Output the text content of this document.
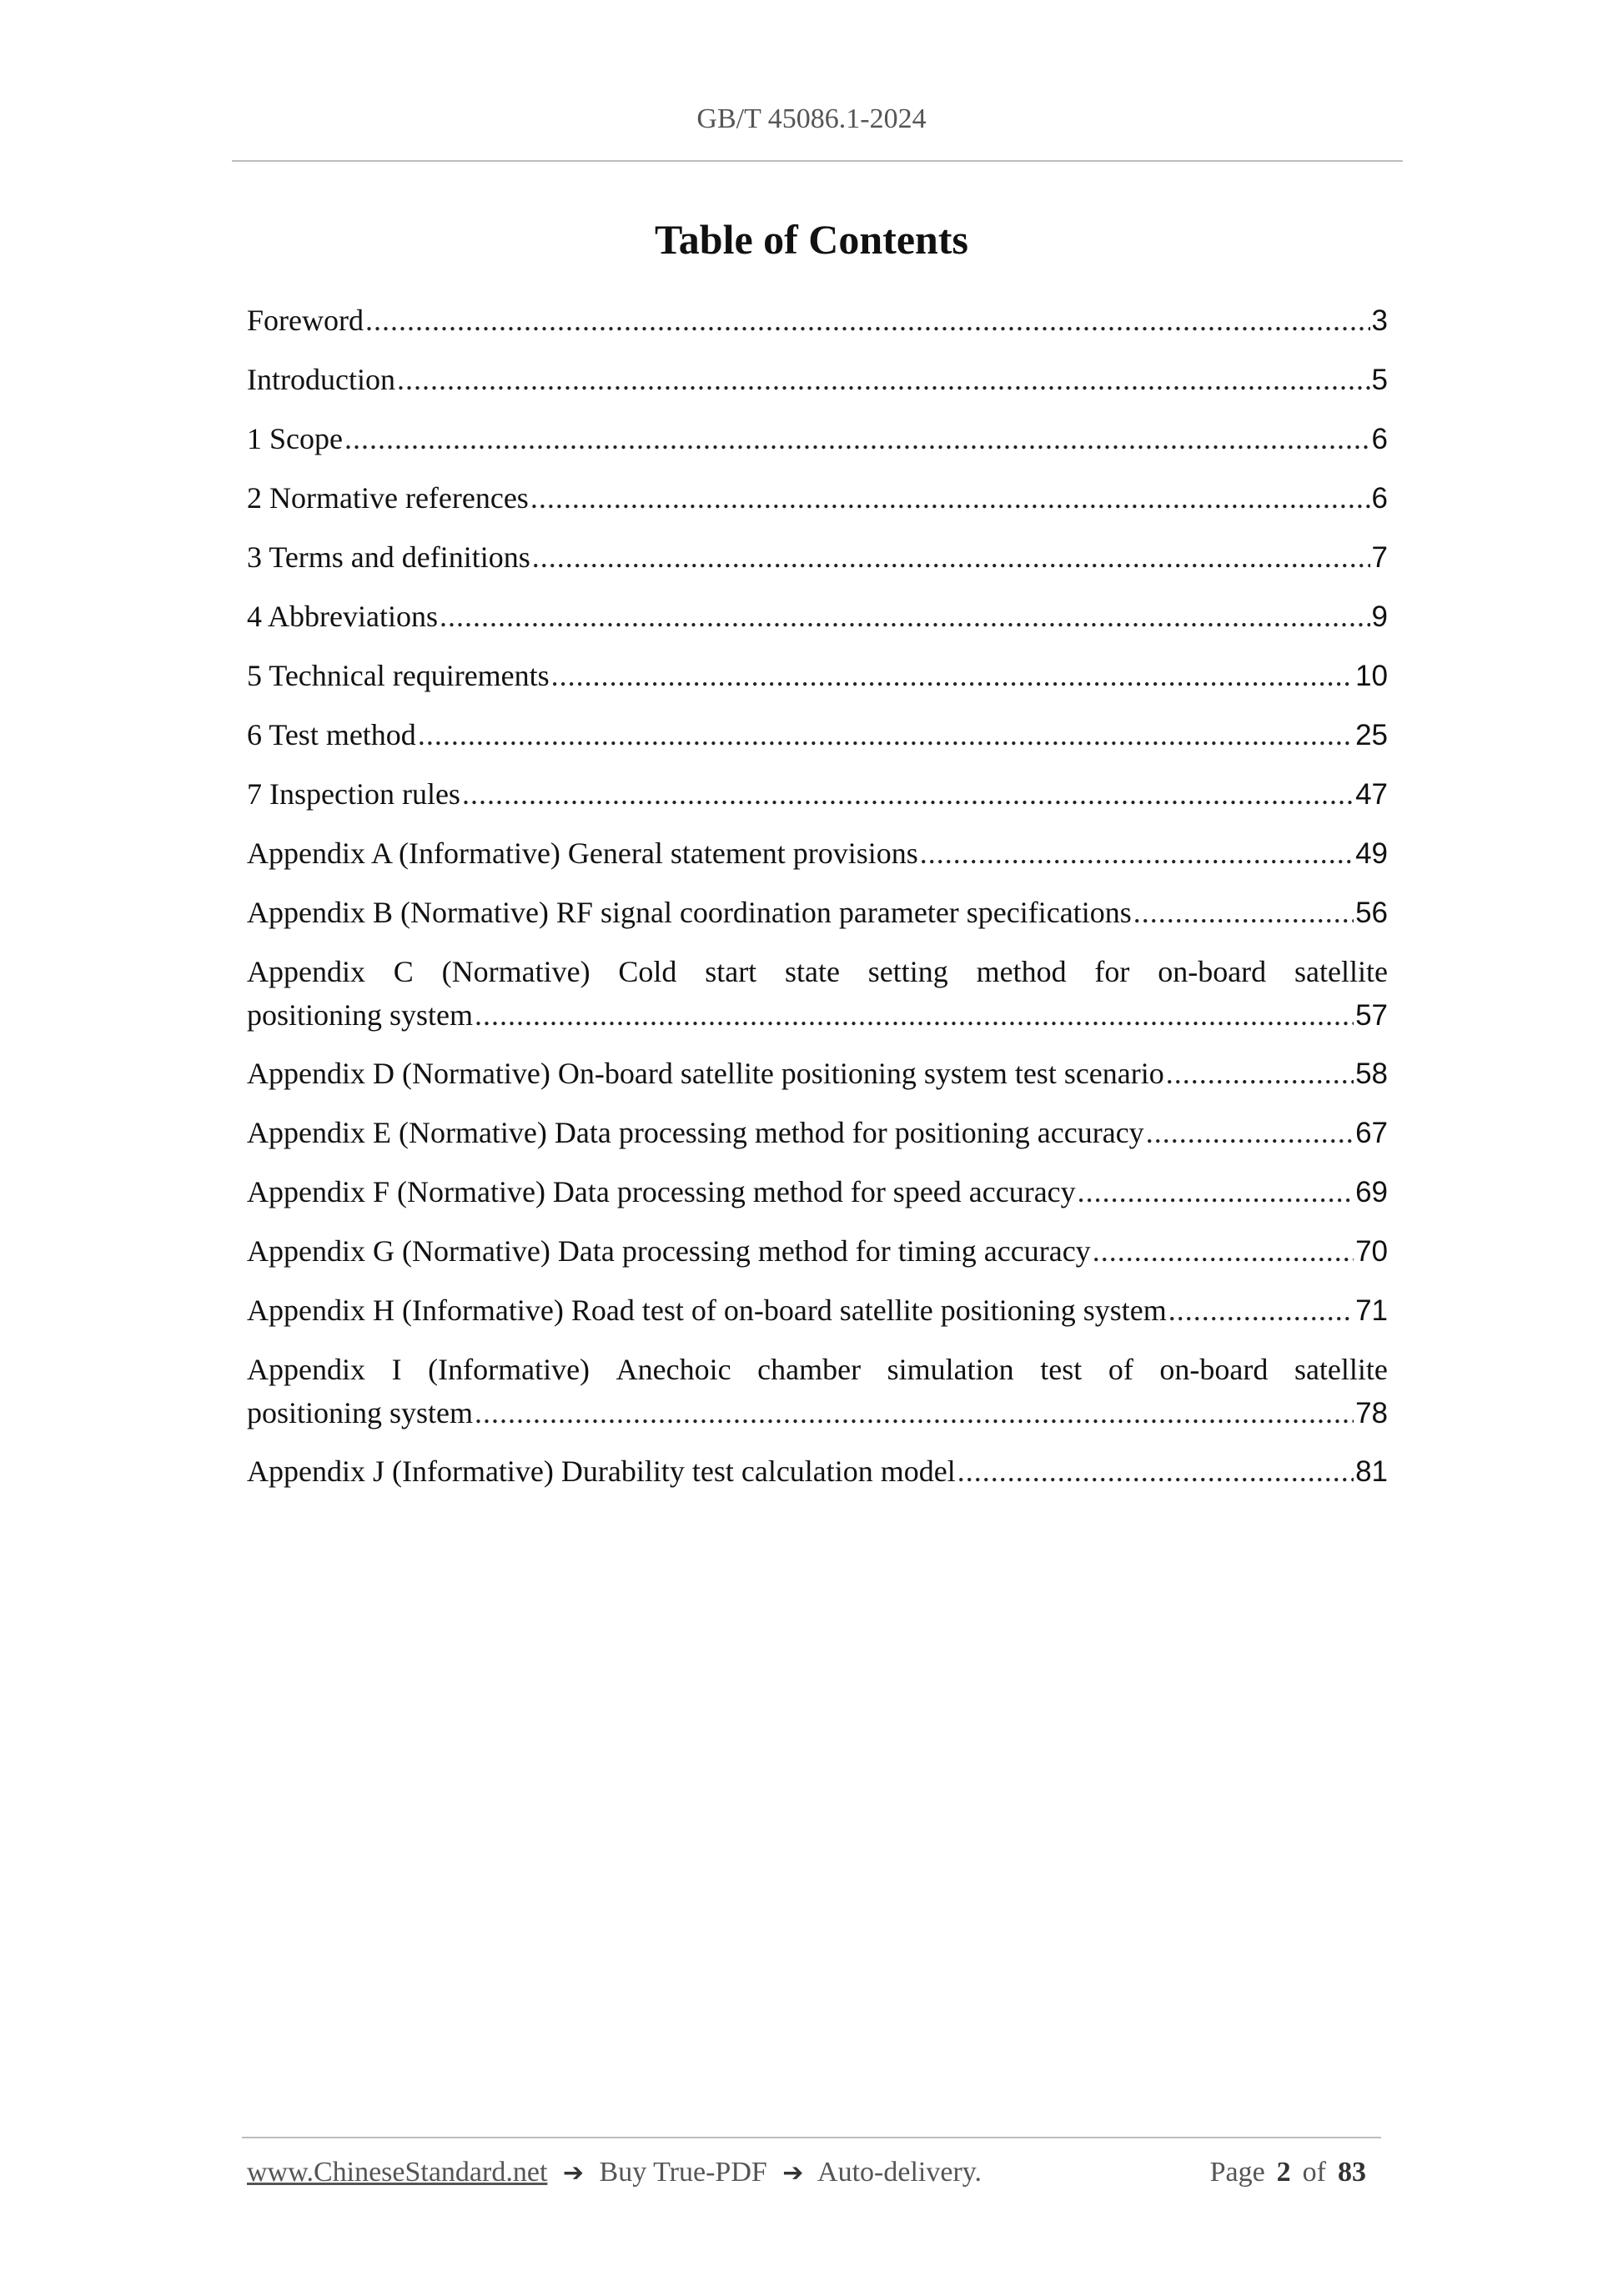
GB/T 45086.1-2024
Table of Contents
Foreword .....	3
Introduction .....	5
1 Scope .....	6
2 Normative references .....	6
3 Terms and definitions .....	7
4 Abbreviations .....	9
5 Technical requirements .....	10
6 Test method .....	25
7 Inspection rules .....	47
Appendix A (Informative) General statement provisions .....	49
Appendix B (Normative) RF signal coordination parameter specifications .....	56
Appendix C (Normative) Cold start state setting method for on-board satellite
positioning system .....	57
Appendix D (Normative) On-board satellite positioning system test scenario .....	58
Appendix E (Normative) Data processing method for positioning accuracy .....	67
Appendix F (Normative) Data processing method for speed accuracy .....	69
Appendix G (Normative) Data processing method for timing accuracy .....	70
Appendix H (Informative) Road test of on-board satellite positioning system .....	71
Appendix I (Informative) Anechoic chamber simulation test of on-board satellite
positioning system .....	78
Appendix J (Informative) Durability test calculation model .....	81
www.ChineseStandard.net ➔ Buy True-PDF ➔ Auto-delivery.	Page 2 of 83
